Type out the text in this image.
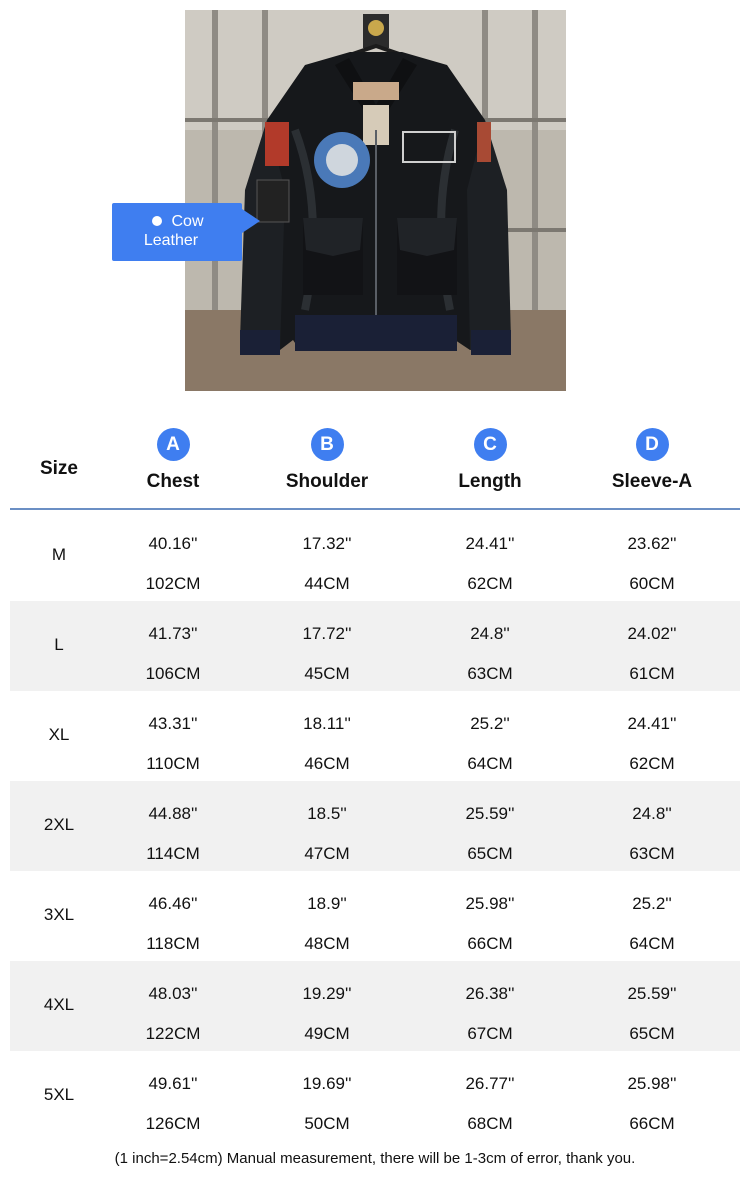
Cow
Leather
Size
A
Chest
B
Shoulder
C
Length
D
Sleeve-A
M
40.16''	17.32''	24.41''	23.62''
102CM	44CM	62CM	60CM
L
41.73''	17.72''	24.8''	24.02''
106CM	45CM	63CM	61CM
XL
43.31''	18.11''	25.2''	24.41''
110CM	46CM	64CM	62CM
2XL
44.88''	18.5''	25.59''	24.8''
114CM	47CM	65CM	63CM
3XL
46.46''	18.9''	25.98''	25.2''
118CM	48CM	66CM	64CM
4XL
48.03''	19.29''	26.38''	25.59''
122CM	49CM	67CM	65CM
5XL
49.61''	19.69''	26.77''	25.98''
126CM	50CM	68CM	66CM
(1 inch=2.54cm) Manual measurement, there will be 1-3cm of error, thank you.
